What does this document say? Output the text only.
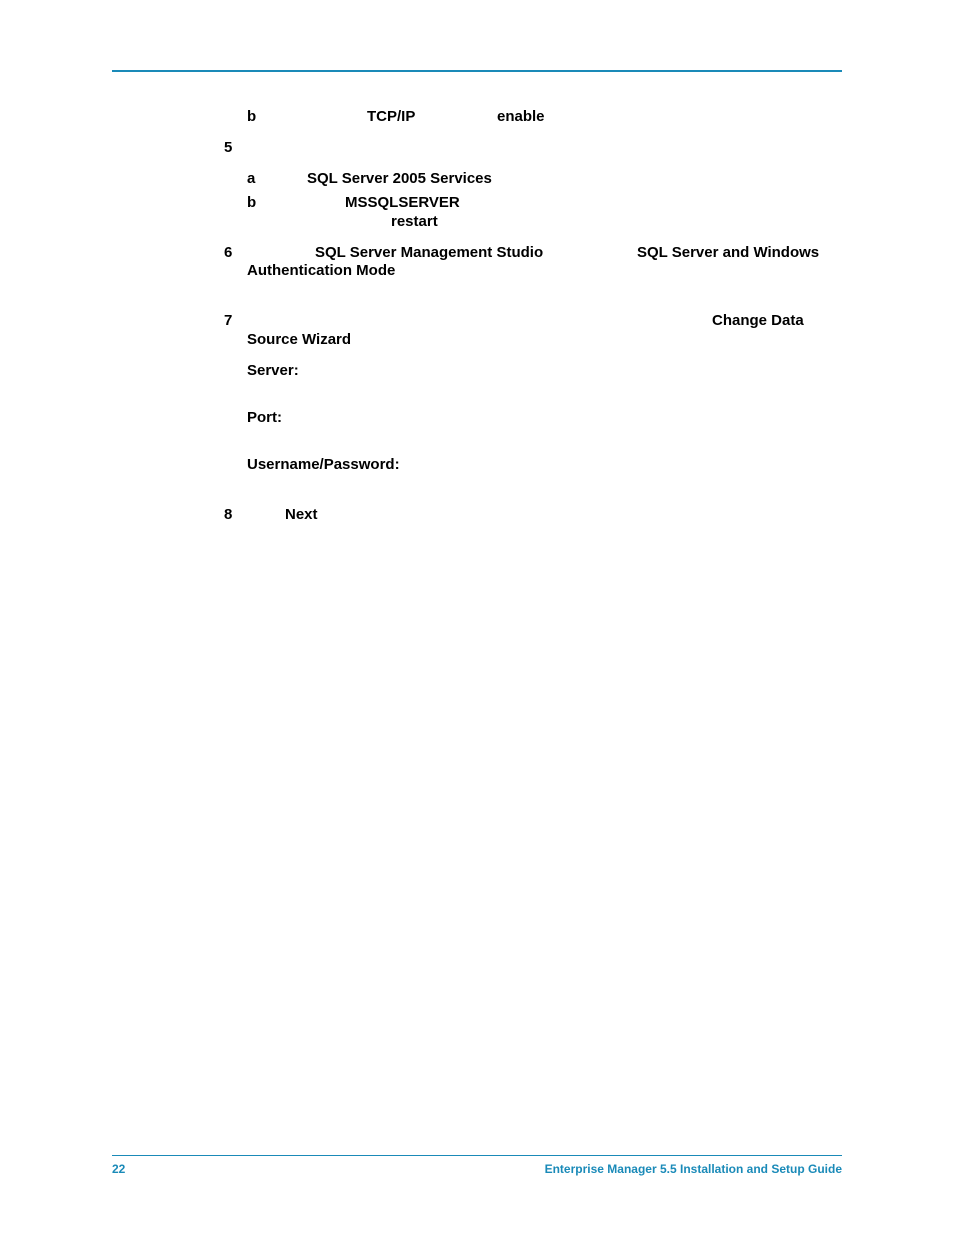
b	TCP/IP	enable
5
a	SQL Server 2005 Services
b	MSSQLSERVER
restart
6	SQL Server Management Studio	SQL Server and Windows
Authentication Mode
7	Change Data
Source Wizard
Server:
Port:
Username/Password:
8	Next
22	Enterprise Manager 5.5 Installation and Setup Guide
